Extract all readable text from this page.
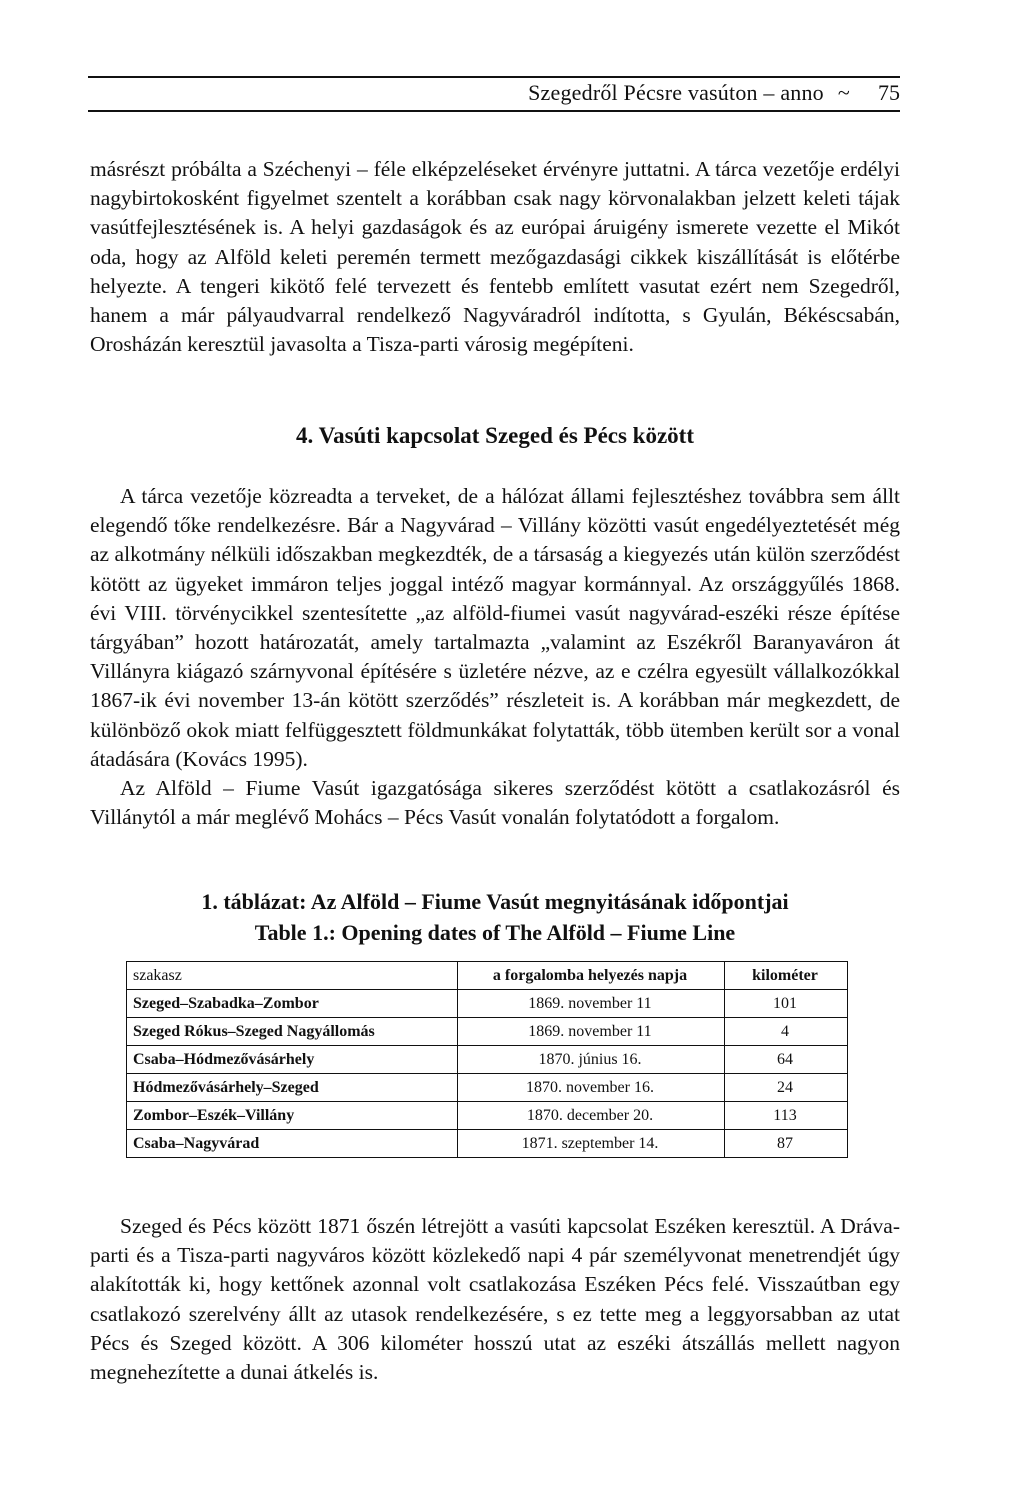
Szegedről Pécsre vasúton – anno ~	75

másrészt próbálta a Széchenyi – féle elképzeléseket érvényre juttatni. A tárca vezetője erdélyi nagybirtokosként figyelmet szentelt a korábban csak nagy körvonalakban jelzett keleti tájak vasútfejlesztésének is. A helyi gazdaságok és az európai áruigény ismerete vezette el Mikót oda, hogy az Alföld keleti peremén termett mezőgazdasági cikkek kiszállítását is előtérbe helyezte. A tengeri kikötő felé tervezett és fentebb említett vasutat ezért nem Szegedről, hanem a már pályaudvarral rendelkező Nagyváradról indította, s Gyulán, Békéscsabán, Orosházán keresztül javasolta a Tisza-parti városig megépíteni.

4. Vasúti kapcsolat Szeged és Pécs között

A tárca vezetője közreadta a terveket, de a hálózat állami fejlesztéshez továbbra sem állt elegendő tőke rendelkezésre. Bár a Nagyvárad – Villány közötti vasút engedélyeztetését még az alkotmány nélküli időszakban megkezdték, de a társaság a kiegyezés után külön szerződést kötött az ügyeket immáron teljes joggal intéző magyar kormánnyal. Az országgyűlés 1868. évi VIII. törvénycikkel szentesítette „az alföld-fiumei vasút nagyvárad-eszéki része építése tárgyában” hozott határozatát, amely tartalmazta „valamint az Eszékről Baranyaváron át Villányra kiágazó szárnyvonal építésére s üzletére nézve, az e czélra egyesült vállalkozókkal 1867-ik évi november 13-án kötött szerződés” részleteit is. A korábban már megkezdett, de különböző okok miatt felfüggesztett földmunkákat folytatták, több ütemben került sor a vonal átadására (Kovács 1995).

Az Alföld – Fiume Vasút igazgatósága sikeres szerződést kötött a csatlakozásról és Villánytól a már meglévő Mohács – Pécs Vasút vonalán folytatódott a forgalom.

1. táblázat: Az Alföld – Fiume Vasút megnyitásának időpontjai
Table 1.: Opening dates of The Alföld – Fiume Line
szakasz	a forgalomba helyezés napja	kilométer
Szeged–Szabadka–Zombor	1869. november 11	101
Szeged Rókus–Szeged Nagyállomás	1869. november 11	4
Csaba–Hódmezővásárhely	1870. június 16.	64
Hódmezővásárhely–Szeged	1870. november 16.	24
Zombor–Eszék–Villány	1870. december 20.	113
Csaba–Nagyvárad	1871. szeptember 14.	87

Szeged és Pécs között 1871 őszén létrejött a vasúti kapcsolat Eszéken keresztül. A Dráva-parti és a Tisza-parti nagyváros között közlekedő napi 4 pár személyvonat menetrendjét úgy alakították ki, hogy kettőnek azonnal volt csatlakozása Eszéken Pécs felé. Visszaútban egy csatlakozó szerelvény állt az utasok rendelkezésére, s ez tette meg a leggyorsabban az utat Pécs és Szeged között. A 306 kilométer hosszú utat az eszéki átszállás mellett nagyon megnehezítette a dunai átkelés is.
